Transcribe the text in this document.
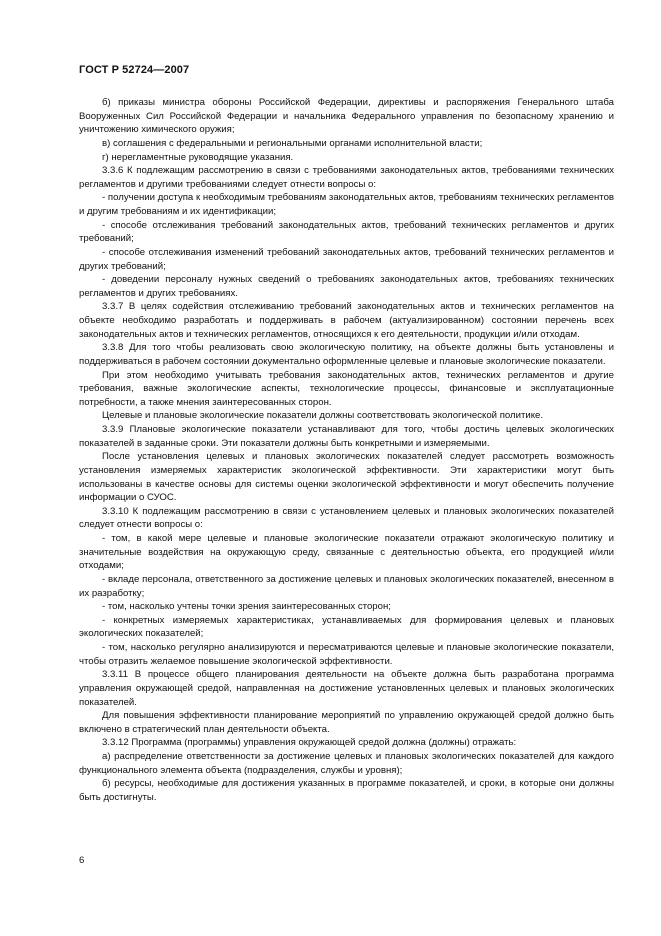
ГОСТ Р 52724—2007

б) приказы министра обороны Российской Федерации, директивы и распоряжения Генерального штаба Вооруженных Сил Российской Федерации и начальника Федерального управления по безопасному хранению и уничтожению химического оружия;

в) соглашения с федеральными и региональными органами исполнительной власти;

г) нерегламентные руководящие указания.

3.3.6 К подлежащим рассмотрению в связи с требованиями законодательных актов, требованиями технических регламентов и другими требованиями следует отнести вопросы о:

- получении доступа к необходимым требованиям законодательных актов, требованиям технических регламентов и другим требованиям и их идентификации;

- способе отслеживания требований законодательных актов, требований технических регламентов и других требований;

- способе отслеживания изменений требований законодательных актов, требований технических регламентов и других требований;

- доведении персоналу нужных сведений о требованиях законодательных актов, требованиях технических регламентов и других требованиях.

3.3.7 В целях содействия отслеживанию требований законодательных актов и технических регламентов на объекте необходимо разработать и поддерживать в рабочем (актуализированном) состоянии перечень всех законодательных актов и технических регламентов, относящихся к его деятельности, продукции и/или отходам.

3.3.8 Для того чтобы реализовать свою экологическую политику, на объекте должны быть установлены и поддерживаться в рабочем состоянии документально оформленные целевые и плановые экологические показатели.

При этом необходимо учитывать требования законодательных актов, технических регламентов и другие требования, важные экологические аспекты, технологические процессы, финансовые и эксплуатационные потребности, а также мнения заинтересованных сторон.

Целевые и плановые экологические показатели должны соответствовать экологической политике.

3.3.9 Плановые экологические показатели устанавливают для того, чтобы достичь целевых экологических показателей в заданные сроки. Эти показатели должны быть конкретными и измеряемыми.

После установления целевых и плановых экологических показателей следует рассмотреть возможность установления измеряемых характеристик экологической эффективности. Эти характеристики могут быть использованы в качестве основы для системы оценки экологической эффективности и могут обеспечить получение информации о СУОС.

3.3.10 К подлежащим рассмотрению в связи с установлением целевых и плановых экологических показателей следует отнести вопросы о:

- том, в какой мере целевые и плановые экологические показатели отражают экологическую политику и значительные воздействия на окружающую среду, связанные с деятельностью объекта, его продукцией и/или отходами;

- вкладе персонала, ответственного за достижение целевых и плановых экологических показателей, внесенном в их разработку;

- том, насколько учтены точки зрения заинтересованных сторон;

- конкретных измеряемых характеристиках, устанавливаемых для формирования целевых и плановых экологических показателей;

- том, насколько регулярно анализируются и пересматриваются целевые и плановые экологические показатели, чтобы отразить желаемое повышение экологической эффективности.

3.3.11 В процессе общего планирования деятельности на объекте должна быть разработана программа управления окружающей средой, направленная на достижение установленных целевых и плановых экологических показателей.

Для повышения эффективности планирование мероприятий по управлению окружающей средой должно быть включено в стратегический план деятельности объекта.

3.3.12 Программа (программы) управления окружающей средой должна (должны) отражать:

а) распределение ответственности за достижение целевых и плановых экологических показателей для каждого функционального элемента объекта (подразделения, службы и уровня);

б) ресурсы, необходимые для достижения указанных в программе показателей, и сроки, в которые они должны быть достигнуты.

6
